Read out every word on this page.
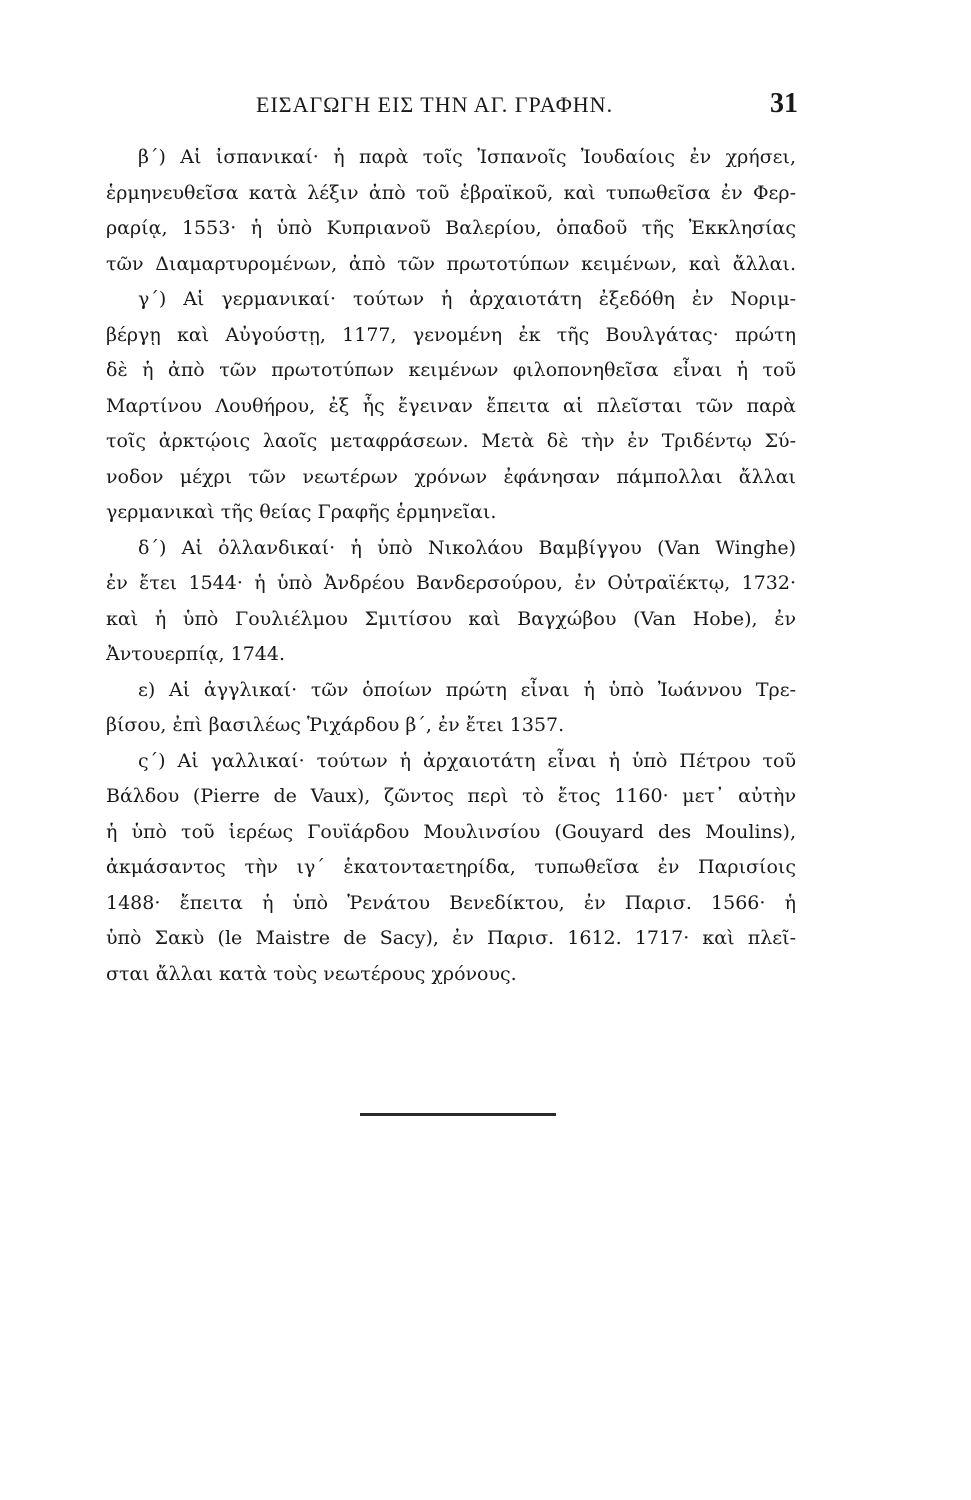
ΕΙΣΑΓΩΓΗ ΕΙΣ ΤΗΝ ΑΓ. ΓΡΑΦΗΝ.	31
β΄) Αἱ ἰσπανικαί· ἡ παρὰ τοῖς Ἰσπανοῖς Ἰουδαίοις ἐν χρήσει,
ἑρμηνευθεῖσα κατὰ λέξιν ἀπὸ τοῦ ἑβραϊκοῦ, καὶ τυπωθεῖσα ἐν Φερ-
ραρίᾳ, 1553· ἡ ὑπὸ Κυπριανοῦ Βαλερίου, ὀπαδοῦ τῆς Ἐκκλησίας
τῶν Διαμαρτυρομένων, ἀπὸ τῶν πρωτοτύπων κειμένων, καὶ ἄλλαι.
γ΄) Αἱ γερμανικαί· τούτων ἡ ἀρχαιοτάτη ἐξεδόθη ἐν Νοριμ-
βέργῃ καὶ Αὐγούστῃ, 1177, γενομένη ἐκ τῆς Βουλγάτας· πρώτη
δὲ ἡ ἀπὸ τῶν πρωτοτύπων κειμένων φιλοπονηθεῖσα εἶναι ἡ τοῦ
Μαρτίνου Λουθήρου, ἐξ ἧς ἔγειναν ἔπειτα αἱ πλεῖσται τῶν παρὰ
τοῖς ἀρκτῴοις λαοῖς μεταφράσεων. Μετὰ δὲ τὴν ἐν Τριδέντῳ Σύ-
νοδον μέχρι τῶν νεωτέρων χρόνων ἐφάνησαν πάμπολλαι ἄλλαι
γερμανικαὶ τῆς θείας Γραφῆς ἑρμηνεῖαι.
δ΄) Αἱ ὀλλανδικαί· ἡ ὑπὸ Νικολάου Βαμβίγγου (Van Winghe)
ἐν ἔτει 1544· ἡ ὑπὸ Ἀνδρέου Βανδερσούρου, ἐν Οὐτραϊέκτῳ, 1732·
καὶ ἡ ὑπὸ Γουλιέλμου Σμιτίσου καὶ Βαγχώβου (Van Hobe), ἐν
Ἀντουερπίᾳ, 1744.
ε) Αἱ ἀγγλικαί· τῶν ὁποίων πρώτη εἶναι ἡ ὑπὸ Ἰωάννου Τρε-
βίσου, ἐπὶ βασιλέως Ῥιχάρδου β΄, ἐν ἔτει 1357.
ς΄) Αἱ γαλλικαί· τούτων ἡ ἀρχαιοτάτη εἶναι ἡ ὑπὸ Πέτρου τοῦ
Βάλδου (Pierre de Vaux), ζῶντος περὶ τὸ ἔτος 1160· μετ᾽ αὐτὴν
ἡ ὑπὸ τοῦ ἱερέως Γουϊάρδου Μουλινσίου (Gouyard des Moulins),
ἀκμάσαντος τὴν ιγ΄ ἑκατονταετηρίδα, τυπωθεῖσα ἐν Παρισίοις
1488· ἔπειτα ἡ ὑπὸ Ῥενάτου Βενεδίκτου, ἐν Παρισ. 1566· ἡ
ὑπὸ Σακὺ (le Maistre de Sacy), ἐν Παρισ. 1612. 1717· καὶ πλεῖ-
σται ἄλλαι κατὰ τοὺς νεωτέρους χρόνους.
